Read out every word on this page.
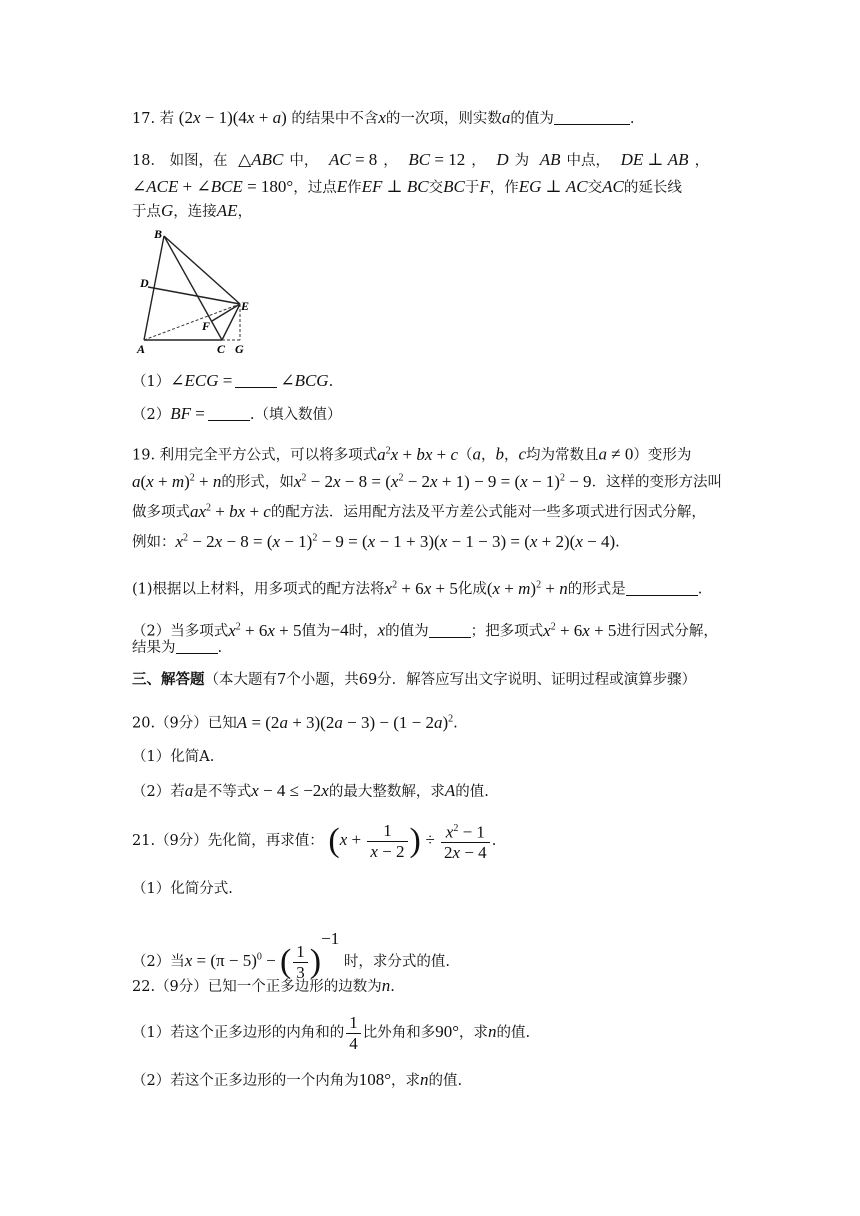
17. 若 (2x − 1)(4x + a) 的结果中不含x的一次项，则实数a的值为	.
18． 如图，在 △ABC 中， AC = 8 ， BC = 12 ， D 为 AB 中点， DE ⊥ AB ，
∠ACE + ∠BCE = 180°，过点E作EF ⊥ BC交BC于F，作EG ⊥ AC交AC的延长线
于点G，连接AE，
B
D
E
F
A	C G
（1）∠ECG =	∠BCG.
（2）BF =	.（填入数值）
19. 利用完全平方公式，可以将多项式$a^2x$ + bx + c（a，b，c均为常数且a ≠ 0）变形为
$a(x + m)^2 + n$的形式，如$x^2 - 2x - 8 = (x^2 - 2x + 1) - 9 = (x - 1)^2 - 9$．这样的变形方法叫
做多项式$ax^2$ + bx + c的配方法．运用配方法及平方差公式能对一些多项式进行因式分解，
例如：$x^2 - 2x - 8 = (x - 1)^2 - 9 = (x - 1 + 3)(x - 1 - 3) = (x + 2)(x - 4)$.
(1)根据以上材料，用多项式的配方法将$x^2 + 6x + 5$化成$(x + m)^2 + n$的形式是	.
（2）当多项式$x^2 + 6x + 5$值为−4时，x的值为	；把多项式$x^2 + 6x + 5$进行因式分解，
结果为	.
三、解答题（本大题有7个小题，共69分．解答应写出文字说明、证明过程或演算步骤）
20.（9分）已知$A = (2a + 3)(2a - 3) - (1 - 2a)^2$.
（1）化简A.
（2）若a是不等式x − 4 ≤ −2x的最大整数解，求A的值.
21.（9分）先化简，再求值： ($x + \frac{1}{x - 2}$ ) ÷ $\frac{x^2 - 1}{2x - 4}$ .
（1）化简分式.
（2）当$x = (\pi - 5)^0$ − ( $\frac{1}{3} )^{-1}$ 时，求分式的值.
22.（9分）已知一个正多边形的边数为n.
（1）若这个正多边形的内角和的 $\frac{1}{4}$ 比外角和多90°，求n的值.
（2）若这个正多边形的一个内角为108°，求n的值.
